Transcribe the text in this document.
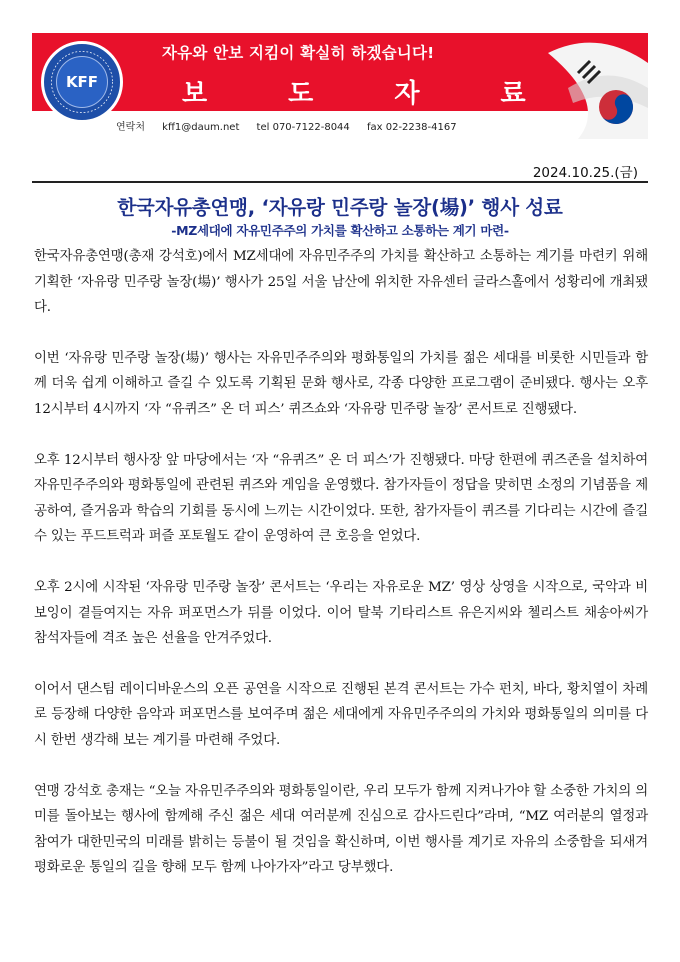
KFF
자유와 안보 지킴이 확실히 하겠습니다!
보 도 자 료
연락처 kff1@daum.net tel 070-7122-8044 fax 02-2238-4167
2024.10.25.(금)
한국자유총연맹, ‘자유랑 민주랑 놀장(場)’ 행사 성료
-MZ세대에 자유민주주의 가치를 확산하고 소통하는 계기 마련-

한국자유총연맹(총재 강석호)에서 MZ세대에 자유민주주의 가치를 확산하고 소통하는 계기를 마련키 위해 기획한 ‘자유랑 민주랑 놀장(場)’ 행사가 25일 서울 남산에 위치한 자유센터 글라스홀에서 성황리에 개최됐다.

이번 ‘자유랑 민주랑 놀장(場)’ 행사는 자유민주주의와 평화통일의 가치를 젊은 세대를 비롯한 시민들과 함께 더욱 쉽게 이해하고 즐길 수 있도록 기획된 문화 행사로, 각종 다양한 프로그램이 준비됐다. 행사는 오후 12시부터 4시까지 ‘자 “유퀴즈” 온 더 피스’ 퀴즈쇼와 ‘자유랑 민주랑 놀장’ 콘서트로 진행됐다.

오후 12시부터 행사장 앞 마당에서는 ‘자 “유퀴즈” 온 더 피스’가 진행됐다. 마당 한편에 퀴즈존을 설치하여 자유민주주의와 평화통일에 관련된 퀴즈와 게임을 운영했다. 참가자들이 정답을 맞히면 소정의 기념품을 제공하여, 즐거움과 학습의 기회를 동시에 느끼는 시간이었다. 또한, 참가자들이 퀴즈를 기다리는 시간에 즐길 수 있는 푸드트럭과 퍼즐 포토월도 같이 운영하여 큰 호응을 얻었다.

오후 2시에 시작된 ‘자유랑 민주랑 놀장’ 콘서트는 ‘우리는 자유로운 MZ’ 영상 상영을 시작으로, 국악과 비보잉이 곁들여지는 자유 퍼포먼스가 뒤를 이었다. 이어 탈북 기타리스트 유은지씨와 첼리스트 채송아씨가 참석자들에 격조 높은 선율을 안겨주었다.

이어서 댄스팀 레이디바운스의 오픈 공연을 시작으로 진행된 본격 콘서트는 가수 펀치, 바다, 황치열이 차례로 등장해 다양한 음악과 퍼포먼스를 보여주며 젊은 세대에게 자유민주주의의 가치와 평화통일의 의미를 다시 한번 생각해 보는 계기를 마련해 주었다.

연맹 강석호 총재는 “오늘 자유민주주의와 평화통일이란, 우리 모두가 함께 지켜나가야 할 소중한 가치의 의미를 돌아보는 행사에 함께해 주신 젊은 세대 여러분께 진심으로 감사드린다”라며, “MZ 여러분의 열정과 참여가 대한민국의 미래를 밝히는 등불이 될 것임을 확신하며, 이번 행사를 계기로 자유의 소중함을 되새겨 평화로운 통일의 길을 향해 모두 함께 나아가자”라고 당부했다.
